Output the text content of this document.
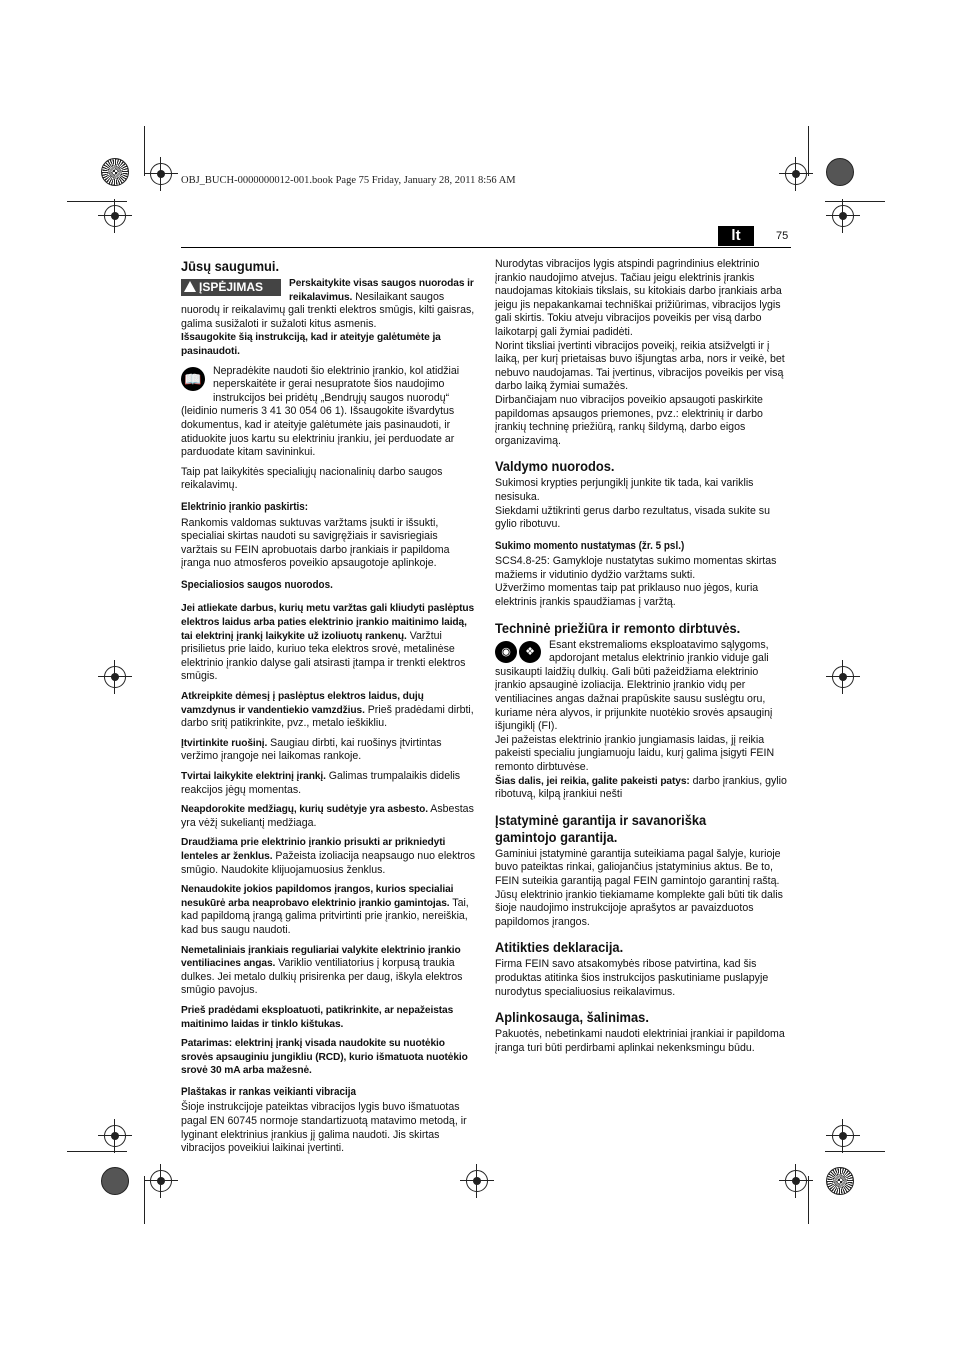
OBJ_BUCH-0000000012-001.book Page 75 Friday, January 28, 2011 8:56 AM
lt	75
Jūsų saugumui.

ĮSPĖJIMAS	Perskaitykite visas saugos nuorodas ir reikalavimus. Nesilaikant saugos nuorodų ir reikalavimų gali trenkti elektros smūgis, kilti gaisras, galima susižaloti ir sužaloti kitus asmenis.

Išsaugokite šią instrukciją, kad ir ateityje galėtumėte ja pasinaudoti.

📖	Nepradėkite naudoti šio elektrinio įrankio, kol atidžiai neperskaitėte ir gerai nesupratote šios naudojimo instrukcijos bei pridėtų „Bendrųjų saugos nuorodų“ (leidinio numeris 3 41 30 054 06 1). Išsaugokite išvardytus dokumentus, kad ir ateityje galėtumėte jais pasinaudoti, ir atiduokite juos kartu su elektriniu įrankiu, jei perduodate ar parduodate kitam savininkui.

Taip pat laikykitės specialiųjų nacionalinių darbo saugos reikalavimų.

Elektrinio įrankio paskirtis:

Rankomis valdomas suktuvas varžtams įsukti ir išsukti, specialiai skirtas naudoti su savigręžiais ir savisriegiais varžtais su FEIN aprobuotais darbo įrankiais ir papildoma įranga nuo atmosferos poveikio apsaugotoje aplinkoje.

Specialiosios saugos nuorodos.

Jei atliekate darbus, kurių metu varžtas gali kliudyti paslėptus elektros laidus arba paties elektrinio įrankio maitinimo laidą, tai elektrinį įrankį laikykite už izoliuotų rankenų. Varžtui prisilietus prie laido, kuriuo teka elektros srovė, metalinėse elektrinio įrankio dalyse gali atsirasti įtampa ir trenkti elektros smūgis.

Atkreipkite dėmesį į paslėptus elektros laidus, dujų vamzdynus ir vandentiekio vamzdžius. Prieš pradėdami dirbti, darbo sritį patikrinkite, pvz., metalo ieškikliu.

Įtvirtinkite ruošinį. Saugiau dirbti, kai ruošinys įtvirtintas veržimo įrangoje nei laikomas rankoje.

Tvirtai laikykite elektrinį įrankį. Galimas trumpalaikis didelis reakcijos jėgų momentas.

Neapdorokite medžiagų, kurių sudėtyje yra asbesto. Asbestas yra vėžį sukeliantį medžiaga.

Draudžiama prie elektrinio įrankio prisukti ar prikniedyti lenteles ar ženklus. Pažeista izoliacija neapsaugo nuo elektros smūgio. Naudokite klijuojamuosius ženklus.

Nenaudokite jokios papildomos įrangos, kurios specialiai nesukūrė arba neaprobavo elektrinio įrankio gamintojas. Tai, kad papildomą įrangą galima pritvirtinti prie įrankio, nereiškia, kad bus saugu naudoti.

Nemetaliniais įrankiais reguliariai valykite elektrinio įrankio ventiliacines angas. Variklio ventiliatorius į korpusą traukia dulkes. Jei metalo dulkių prisirenka per daug, iškyla elektros smūgio pavojus.

Prieš pradėdami eksploatuoti, patikrinkite, ar nepažeistas maitinimo laidas ir tinklo kištukas.

Patarimas: elektrinį įrankį visada naudokite su nuotėkio srovės apsauginiu jungikliu (RCD), kurio išmatuota nuotėkio srovė 30 mA arba mažesnė.

Plaštakas ir rankas veikianti vibracija

Šioje instrukcijoje pateiktas vibracijos lygis buvo išmatuotas pagal EN 60745 normoje standartizuotą matavimo metodą, ir lyginant elektrinius įrankius jį galima naudoti. Jis skirtas vibracijos poveikiui laikinai įvertinti.

Nurodytas vibracijos lygis atspindi pagrindinius elektrinio įrankio naudojimo atvejus. Tačiau jeigu elektrinis įrankis naudojamas kitokiais tikslais, su kitokiais darbo įrankiais arba jeigu jis nepakankamai techniškai prižiūrimas, vibracijos lygis gali skirtis. Tokiu atveju vibracijos poveikis per visą darbo laikotarpį gali žymiai padidėti.

Norint tiksliai įvertinti vibracijos poveikį, reikia atsižvelgti ir į laiką, per kurį prietaisas buvo išjungtas arba, nors ir veikė, bet nebuvo naudojamas. Tai įvertinus, vibracijos poveikis per visą darbo laiką žymiai sumažės.

Dirbančiajam nuo vibracijos poveikio apsaugoti paskirkite papildomas apsaugos priemones, pvz.: elektrinių ir darbo įrankių techninę priežiūrą, rankų šildymą, darbo eigos organizavimą.

Valdymo nuorodos.

Sukimosi krypties perjungiklį junkite tik tada, kai variklis nesisuka.

Siekdami užtikrinti gerus darbo rezultatus, visada sukite su gylio ribotuvu.

Sukimo momento nustatymas (žr. 5 psl.)

SCS4.8-25: Gamykloje nustatytas sukimo momentas skirtas mažiems ir vidutinio dydžio varžtams sukti.

Užveržimo momentas taip pat priklauso nuo jėgos, kuria elektrinis įrankis spaudžiamas į varžtą.

Techninė priežiūra ir remonto dirbtuvės.

◉	❖
Esant ekstremalioms eksploatavimo sąlygoms, apdorojant metalus elektrinio įrankio viduje gali susikaupti laidžių dulkių. Gali būti pažeidžiama elektrinio įrankio apsauginė izoliacija. Elektrinio įrankio vidų per ventiliacines angas dažnai prapūskite sausu suslėgtu oru, kuriame nėra alyvos, ir prijunkite nuotėkio srovės apsauginį išjungiklį (FI).

Jei pažeistas elektrinio įrankio jungiamasis laidas, jį reikia pakeisti specialiu jungiamuoju laidu, kurį galima įsigyti FEIN remonto dirbtuvėse.

Šias dalis, jei reikia, galite pakeisti patys: darbo įrankius, gylio ribotuvą, kilpą įrankiui nešti

Įstatyminė garantija ir savanoriška gamintojo garantija.

Gaminiui įstatyminė garantija suteikiama pagal šalyje, kurioje buvo pateiktas rinkai, galiojančius įstatyminius aktus. Be to, FEIN suteikia garantiją pagal FEIN gamintojo garantinį raštą.

Jūsų elektrinio įrankio tiekiamame komplekte gali būti tik dalis šioje naudojimo instrukcijoje aprašytos ar pavaizduotos papildomos įrangos.

Atitikties deklaracija.

Firma FEIN savo atsakomybės ribose patvirtina, kad šis produktas atitinka šios instrukcijos paskutiniame puslapyje nurodytus specialiuosius reikalavimus.

Aplinkosauga, šalinimas.

Pakuotės, nebetinkami naudoti elektriniai įrankiai ir papildoma įranga turi būti perdirbami aplinkai nekenksmingu būdu.
